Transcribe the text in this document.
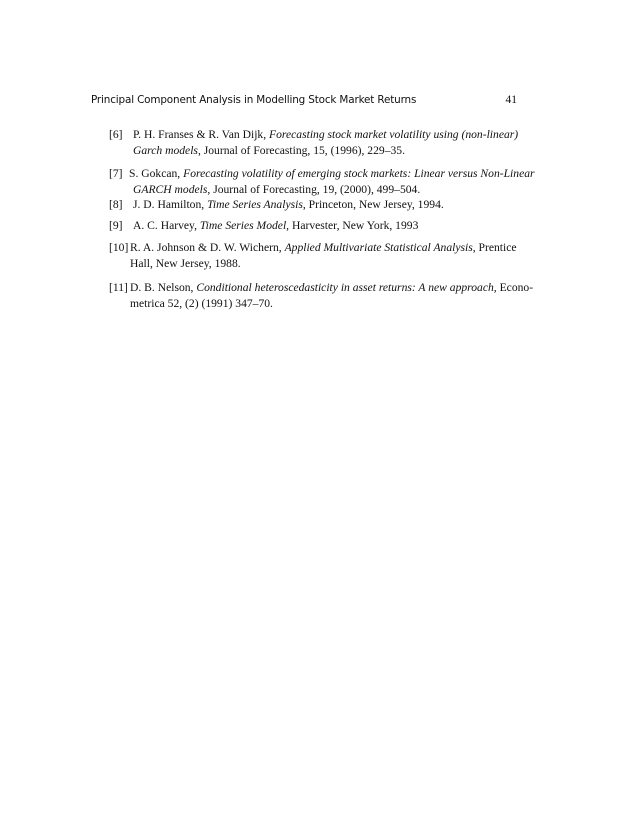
Principal Component Analysis in Modelling Stock Market Returns	41
[6] P. H. Franses & R. Van Dijk, Forecasting stock market volatility using (non-linear)
Garch models, Journal of Forecasting, 15, (1996), 229–35.
[7] S. Gokcan, Forecasting volatility of emerging stock markets: Linear versus Non-Linear
GARCH models, Journal of Forecasting, 19, (2000), 499–504.
[8] J. D. Hamilton, Time Series Analysis, Princeton, New Jersey, 1994.
[9] A. C. Harvey, Time Series Model, Harvester, New York, 1993
[10] R. A. Johnson & D. W. Wichern, Applied Multivariate Statistical Analysis, Prentice
Hall, New Jersey, 1988.
[11] D. B. Nelson, Conditional heteroscedasticity in asset returns: A new approach, Econo-
metrica 52, (2) (1991) 347–70.
